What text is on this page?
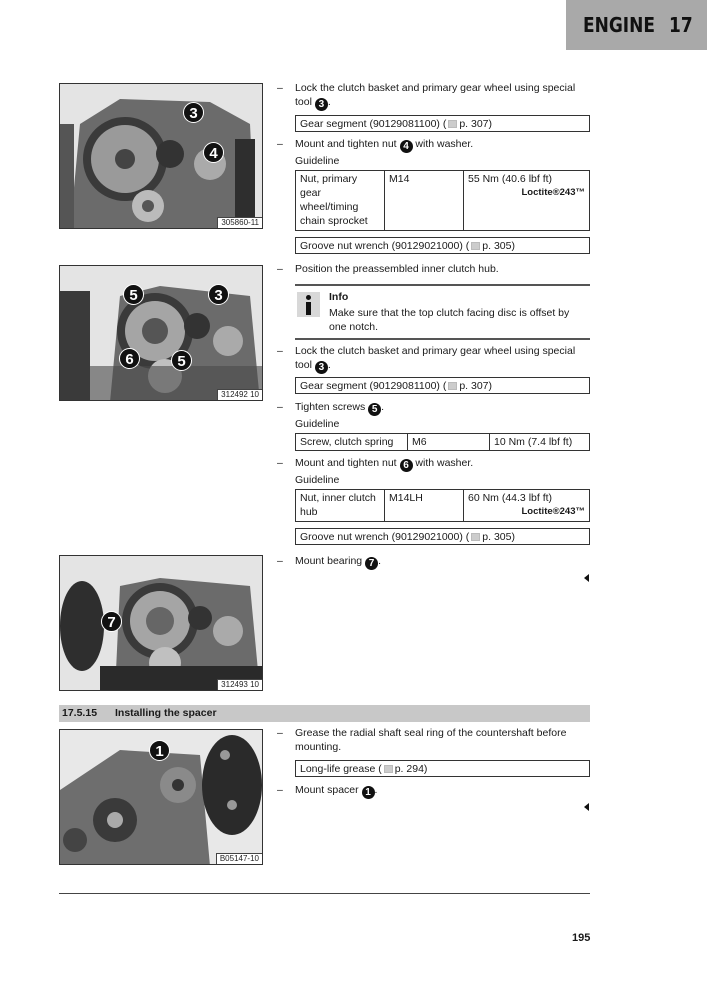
ENGINE 17
3
4
305860-11
5	3
6	5
312492 10
7
312493 10
1
B05147-10
– Lock the clutch basket and primary gear wheel using special tool 3 .
Gear segment (90129081100) ( p. 307)
– Mount and tighten nut 4 with washer.
Guideline
Nut, primary gear wheel/timing chain sprocket	M14	55 Nm (40.6 lbf ft)
Loctite®243™
Groove nut wrench (90129021000) ( p. 305)
– Position the preassembled inner clutch hub.
Info
Make sure that the top clutch facing disc is offset by one notch.
– Lock the clutch basket and primary gear wheel using special tool 3 .
Gear segment (90129081100) ( p. 307)
– Tighten screws 5 .
Guideline
Screw, clutch spring	M6	10 Nm (7.4 lbf ft)
– Mount and tighten nut 6 with washer.
Guideline
Nut, inner clutch hub	M14LH	60 Nm (44.3 lbf ft)
Loctite®243™
Groove nut wrench (90129021000) ( p. 305)
– Mount bearing 7 .
17.5.15 Installing the spacer
– Grease the radial shaft seal ring of the countershaft before mounting.
Long-life grease ( p. 294)
– Mount spacer 1 .
195
